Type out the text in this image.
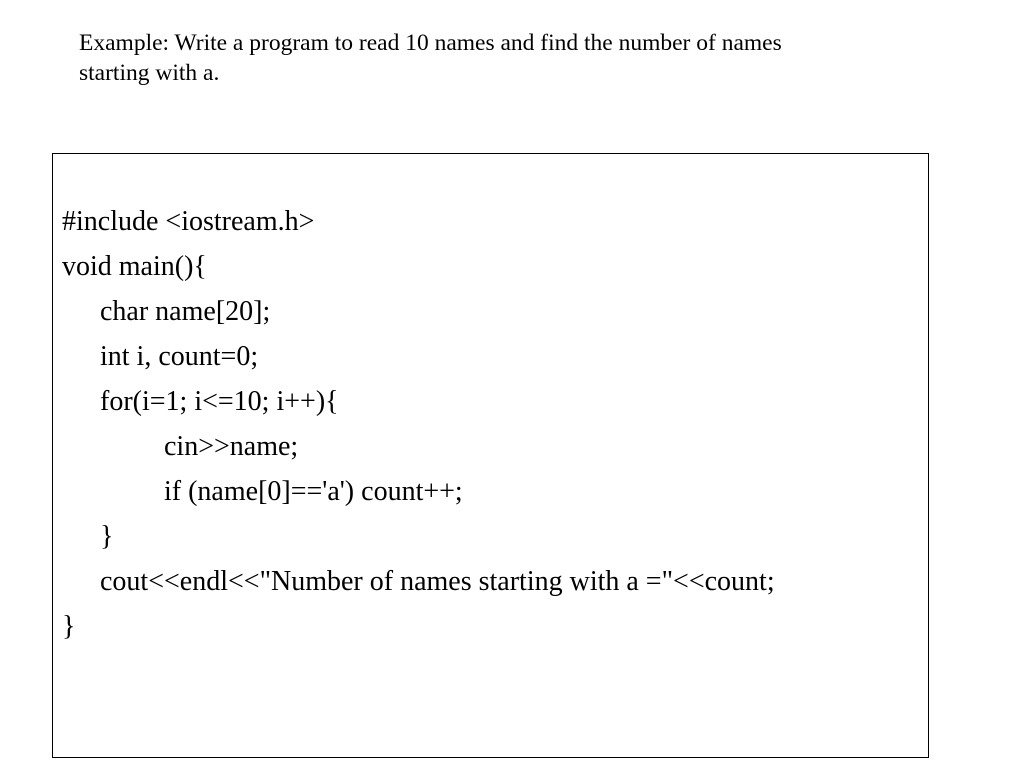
Example: Write a program to read 10 names and find the number of names
starting with a.

#include <iostream.h>
void main(){
char name[20];
int i, count=0;
for(i=1; i<=10; i++){
cin>>name;
if (name[0]=='a') count++;
}
cout<<endl<<"Number of names starting with a ="<<count;
}
